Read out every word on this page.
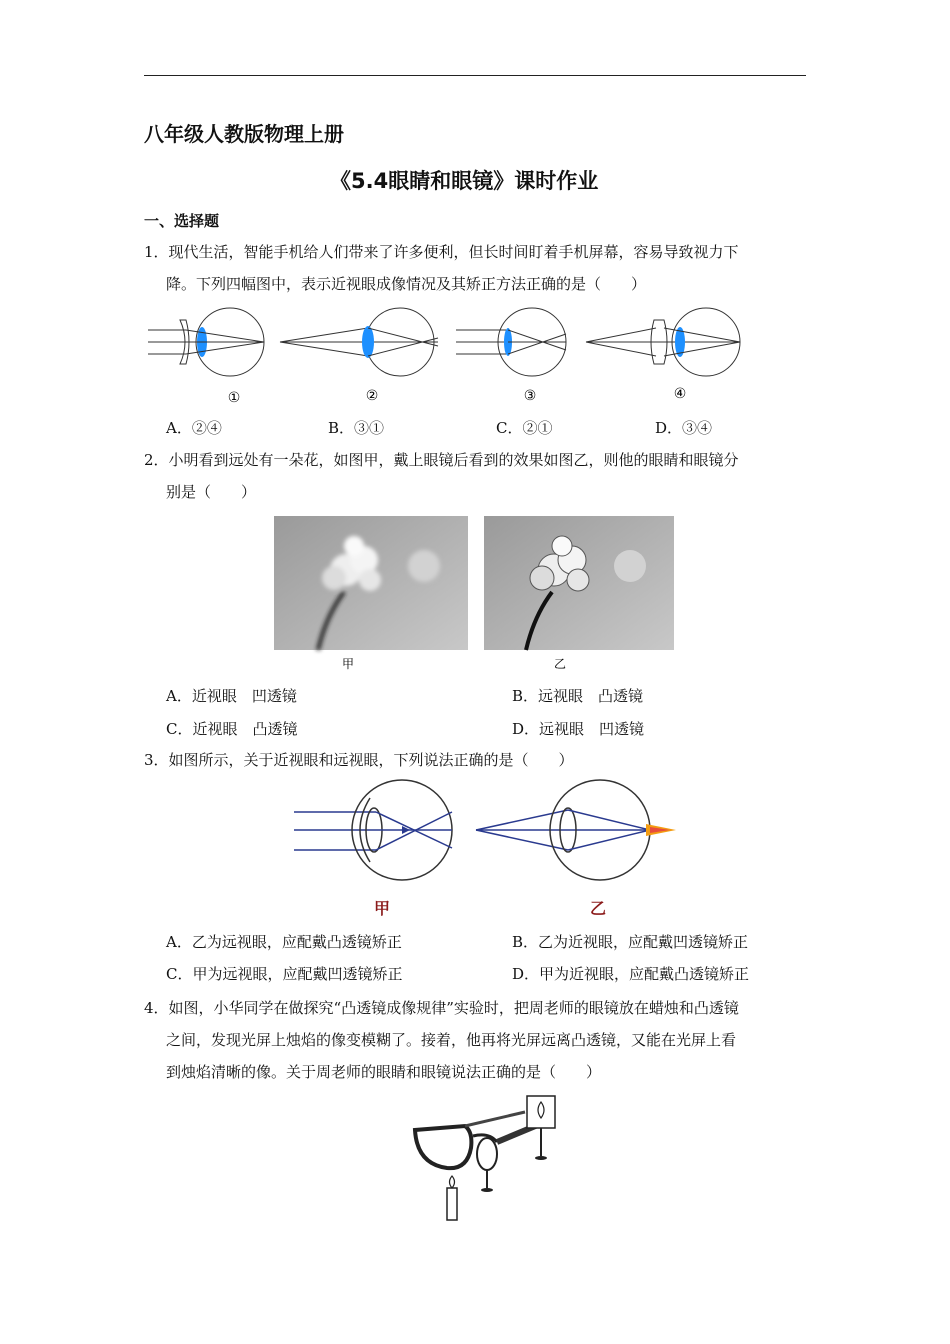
八年级人教版物理上册
《5.4眼睛和眼镜》课时作业
一、选择题
1．现代生活，智能手机给人们带来了许多便利，但长时间盯着手机屏幕，容易导致视力下
降。下列四幅图中，表示近视眼成像情况及其矫正方法正确的是（　　）
①	②	③	④
A．②④	B．③①	C．②①	D．③④
2．小明看到远处有一朵花，如图甲，戴上眼镜后看到的效果如图乙，则他的眼睛和眼镜分
别是（　　）
甲	乙
A．近视眼　凹透镜	B．远视眼　凸透镜
C．近视眼　凸透镜	D．远视眼　凹透镜
3．如图所示，关于近视眼和远视眼，下列说法正确的是（　　）
甲	乙
A．乙为远视眼，应配戴凸透镜矫正	B．乙为近视眼，应配戴凹透镜矫正
C．甲为远视眼，应配戴凹透镜矫正	D．甲为近视眼，应配戴凸透镜矫正
4．如图，小华同学在做探究“凸透镜成像规律”实验时，把周老师的眼镜放在蜡烛和凸透镜
之间，发现光屏上烛焰的像变模糊了。接着，他再将光屏远离凸透镜，又能在光屏上看
到烛焰清晰的像。关于周老师的眼睛和眼镜说法正确的是（　　）
